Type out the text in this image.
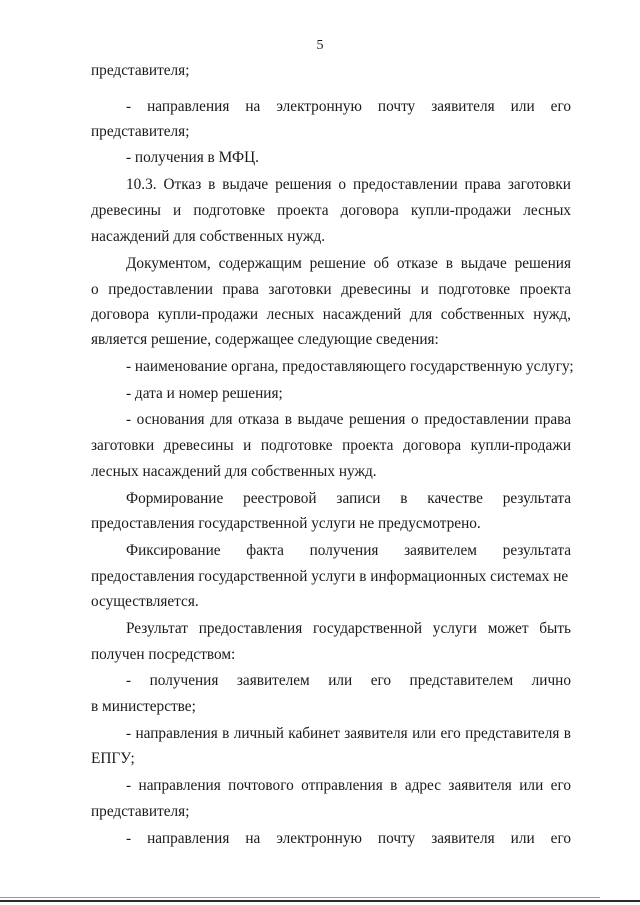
5
представителя;
- направления на электронную почту заявителя или его
представителя;
- получения в МФЦ.
10.3. Отказ в выдаче решения о предоставлении права заготовки
древесины и подготовке проекта договора купли-продажи лесных
насаждений для собственных нужд.
Документом, содержащим решение об отказе в выдаче решения
о предоставлении права заготовки древесины и подготовке проекта
договора купли-продажи лесных насаждений для собственных нужд,
является решение, содержащее следующие сведения:
- наименование органа, предоставляющего государственную услугу;
- дата и номер решения;
- основания для отказа в выдаче решения о предоставлении права
заготовки древесины и подготовке проекта договора купли-продажи
лесных насаждений для собственных нужд.
Формирование реестровой записи в качестве результата
предоставления государственной услуги не предусмотрено.
Фиксирование факта получения заявителем результата
предоставления государственной услуги в информационных системах не
осуществляется.
Результат предоставления государственной услуги может быть
получен посредством:
- получения заявителем или его представителем лично
в министерстве;
- направления в личный кабинет заявителя или его представителя в
ЕПГУ;
- направления почтового отправления в адрес заявителя или его
представителя;
- направления на электронную почту заявителя или его
